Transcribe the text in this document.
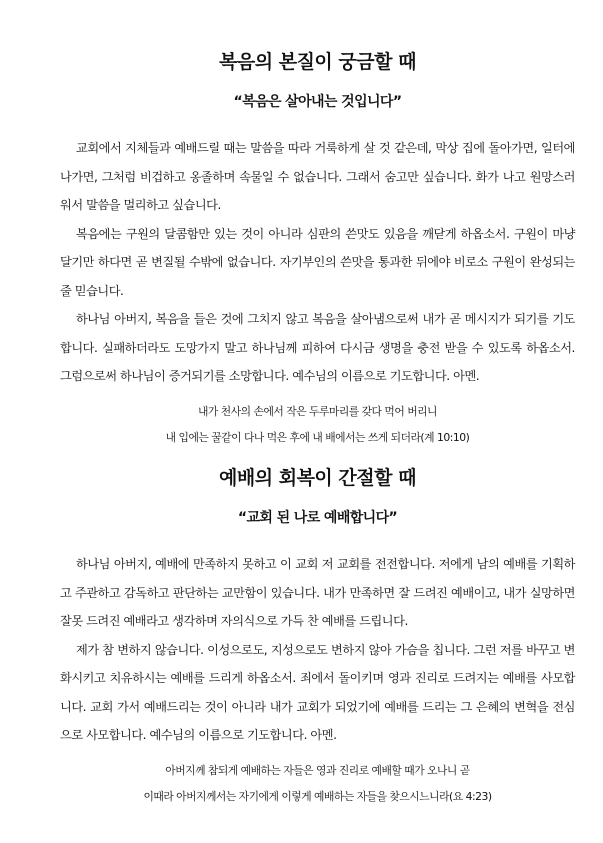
복음의 본질이 궁금할 때
“복음은 살아내는 것입니다”

교회에서 지체들과 예배드릴 때는 말씀을 따라 거룩하게 살 것 같은데, 막상 집에 돌아가면, 일터에 나가면, 그처럼 비겁하고 옹졸하며 속물일 수 없습니다. 그래서 숨고만 싶습니다. 화가 나고 원망스러워서 말씀을 멀리하고 싶습니다.

복음에는 구원의 달콤함만 있는 것이 아니라 심판의 쓴맛도 있음을 깨닫게 하옵소서. 구원이 마냥 달기만 하다면 곧 변질될 수밖에 없습니다. 자기부인의 쓴맛을 통과한 뒤에야 비로소 구원이 완성되는 줄 믿습니다.

하나님 아버지, 복음을 들은 것에 그치지 않고 복음을 살아냄으로써 내가 곧 메시지가 되기를 기도합니다. 실패하더라도 도망가지 말고 하나님께 피하여 다시금 생명을 충전 받을 수 있도록 하옵소서. 그럼으로써 하나님이 증거되기를 소망합니다. 예수님의 이름으로 기도합니다. 아멘.

내가 천사의 손에서 작은 두루마리를 갖다 먹어 버리니
내 입에는 꿀같이 다나 먹은 후에 내 배에서는 쓰게 되더라(계 10:10)
예배의 회복이 간절할 때
“교회 된 나로 예배합니다”

하나님 아버지, 예배에 만족하지 못하고 이 교회 저 교회를 전전합니다. 저에게 남의 예배를 기획하고 주관하고 감독하고 판단하는 교만함이 있습니다. 내가 만족하면 잘 드려진 예배이고, 내가 실망하면 잘못 드려진 예배라고 생각하며 자의식으로 가득 찬 예배를 드립니다.

제가 참 변하지 않습니다. 이성으로도, 지성으로도 변하지 않아 가슴을 칩니다. 그런 저를 바꾸고 변화시키고 치유하시는 예배를 드리게 하옵소서. 죄에서 돌이키며 영과 진리로 드려지는 예배를 사모합니다. 교회 가서 예배드리는 것이 아니라 내가 교회가 되었기에 예배를 드리는 그 은혜의 변혁을 전심으로 사모합니다. 예수님의 이름으로 기도합니다. 아멘.

아버지께 참되게 예배하는 자들은 영과 진리로 예배할 때가 오나니 곧
이때라 아버지께서는 자기에게 이렇게 예배하는 자들을 찾으시느니라(요 4:23)
